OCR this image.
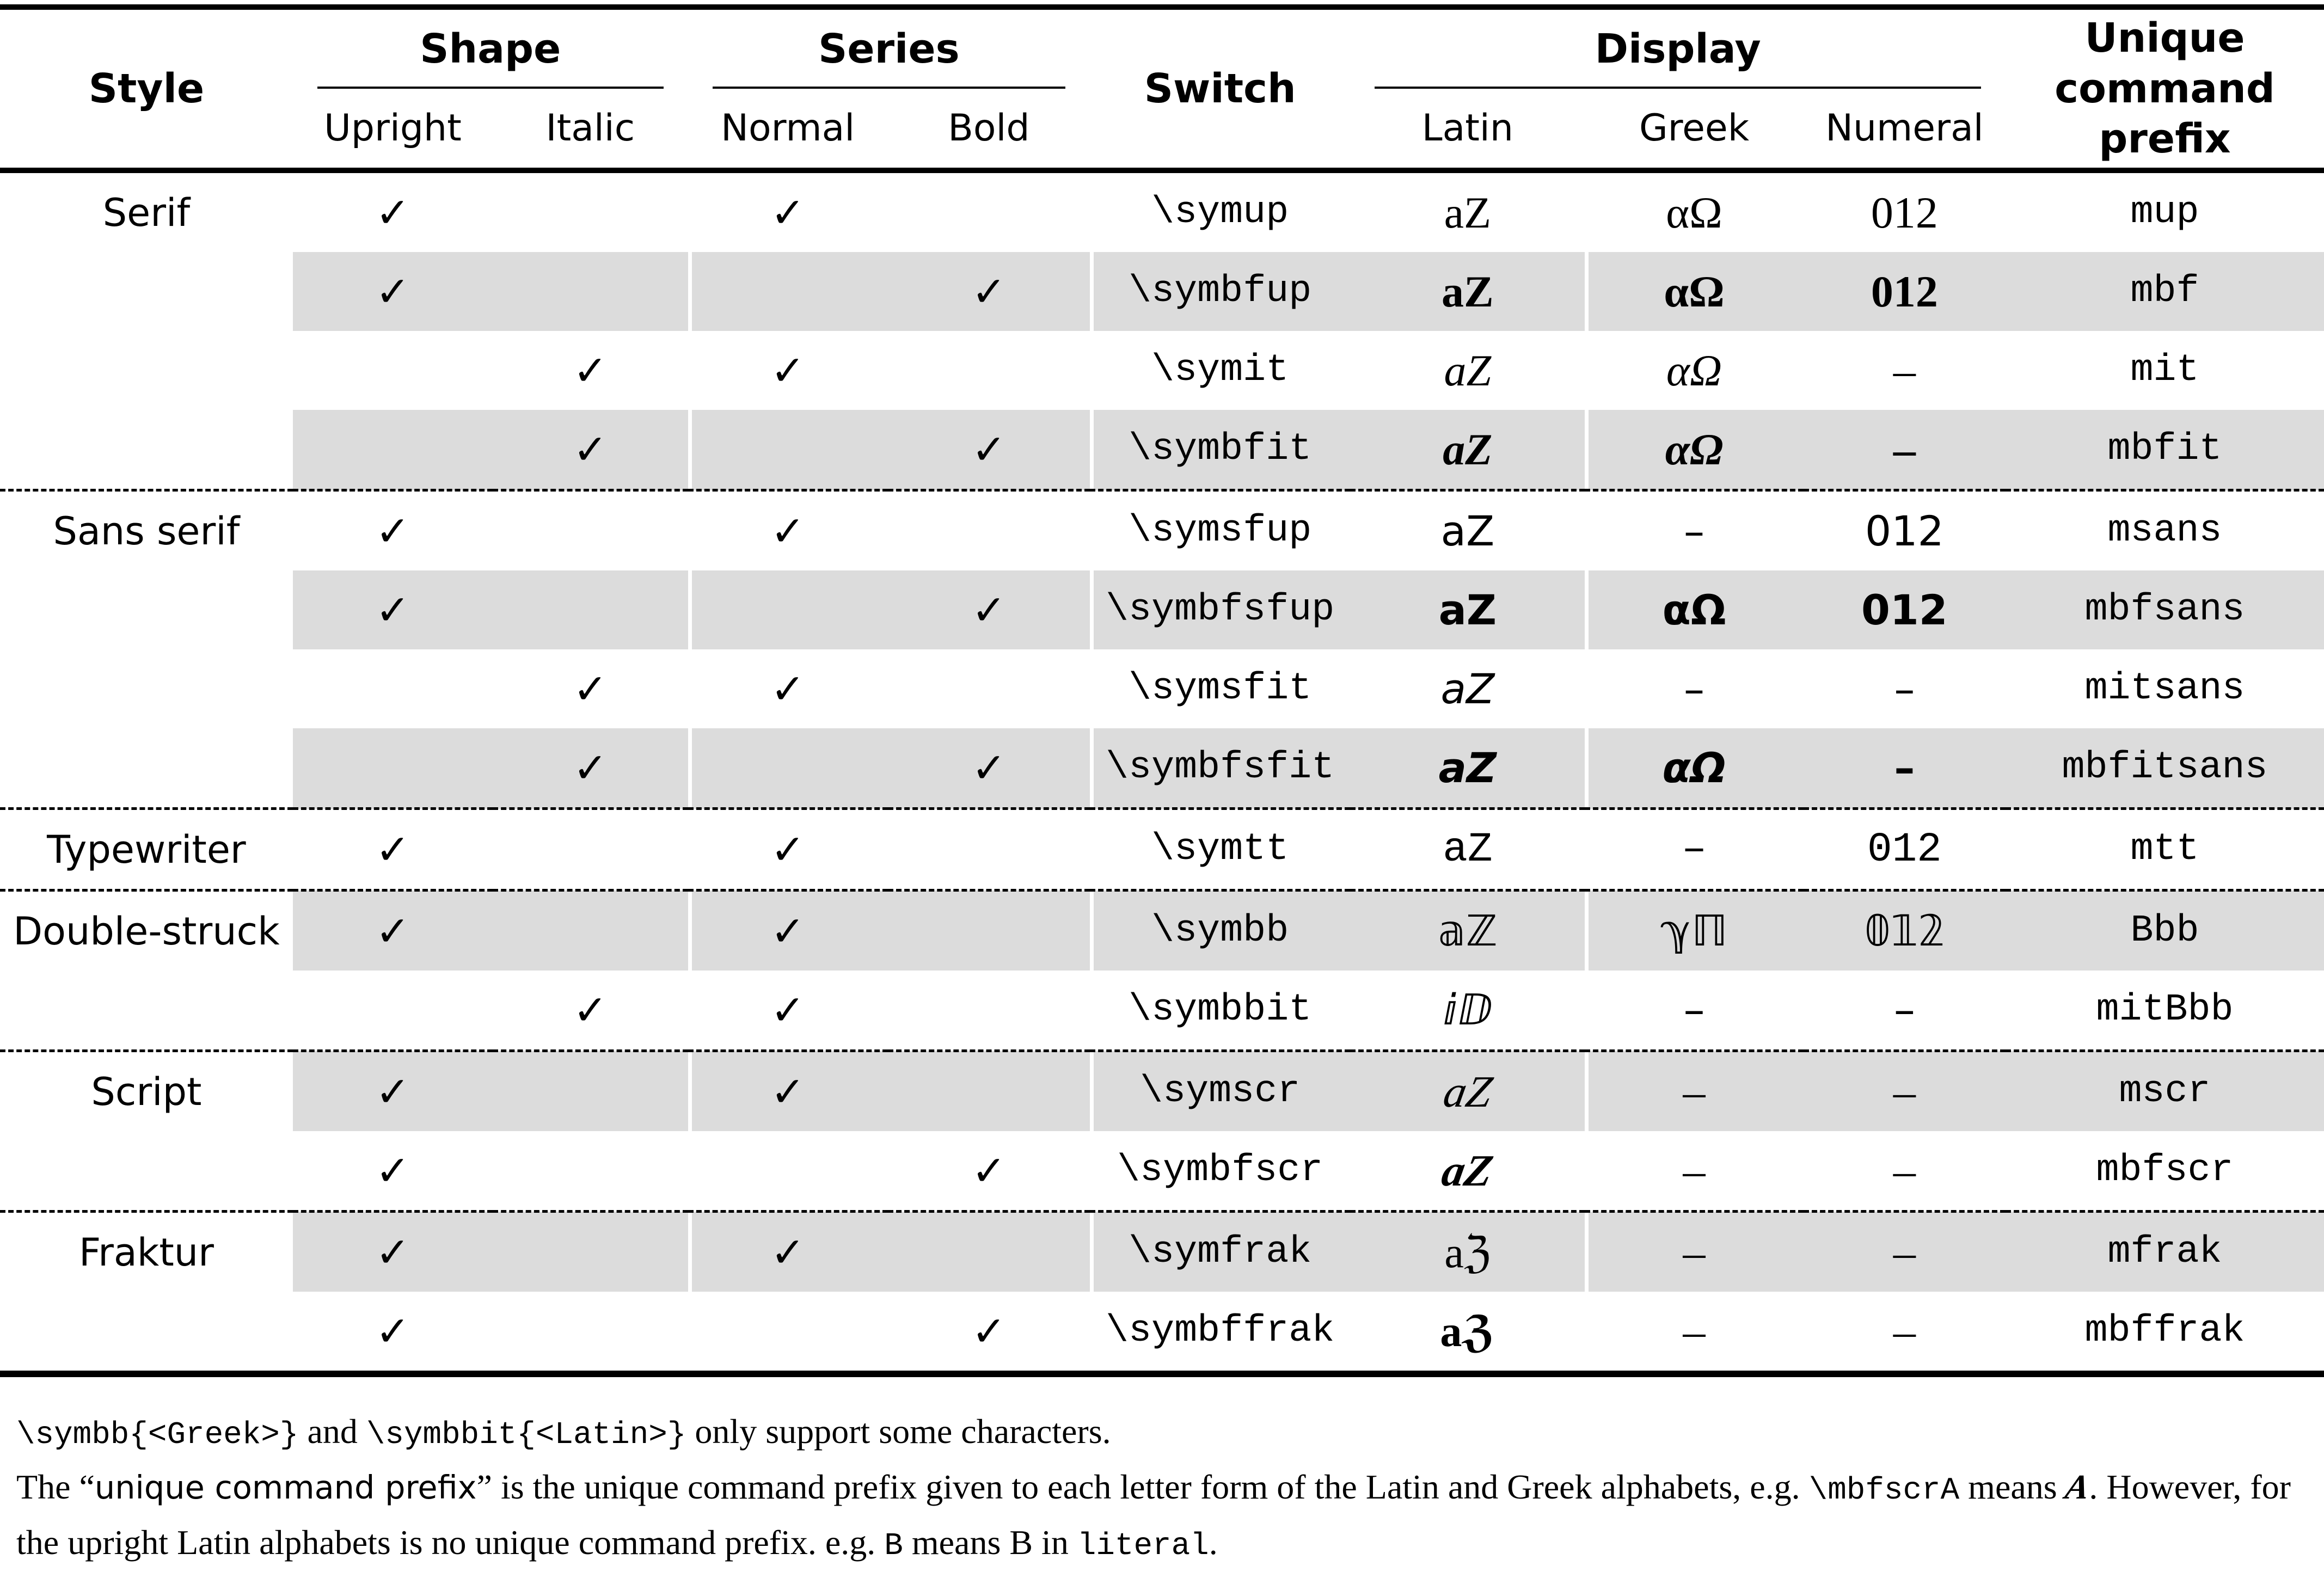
Style	Shape		Series		Switch	Display			Unique command
prefix

	Upright	Italic	Normal	Bold		Latin	Greek	Numeral	
Serif	✓		✓		\symup	aZ	αΩ	012	mup
	✓			✓	\symbfup	aZ	αΩ	012	mbf
		✓	✓		\symit	aZ	αΩ	–	mit
		✓		✓	\symbfit	aZ	αΩ	–	mbfit
Sans serif	✓		✓		\symsfup	aZ	–	012	msans
	✓			✓	\symbfsfup	aZ	αΩ	012	mbfsans
		✓	✓		\symsfit	aZ	–	–	mitsans
		✓		✓	\symbfsfit	aZ	αΩ	–	mbfitsans
Typewriter	✓		✓		\symtt	aZ	–	012	mtt
Double-struck	✓		✓		\symbb	𝕒ℤ	ℽℿ	𝟘𝟙𝟚	Bbb
		✓	✓		\symbbit	ⅈⅅ	–	–	mitBbb
Script	✓		✓		\symscr	aZ	–	–	mscr
	✓			✓	\symbfscr	aZ	–	–	mbfscr
Fraktur	✓		✓		\symfrak	aℨ	–	–	mfrak
	✓			✓	\symbffrak	aℨ	–	–	mbffrak
\symbb{<Greek>} and \symbbit{<Latin>} only support some characters.
The “unique command prefix” is the unique command prefix given to each letter form of the Latin and Greek alphabets, e.g. \mbfscrA means A. However, for
the upright Latin alphabets is no unique command prefix. e.g. B means B in literal.
